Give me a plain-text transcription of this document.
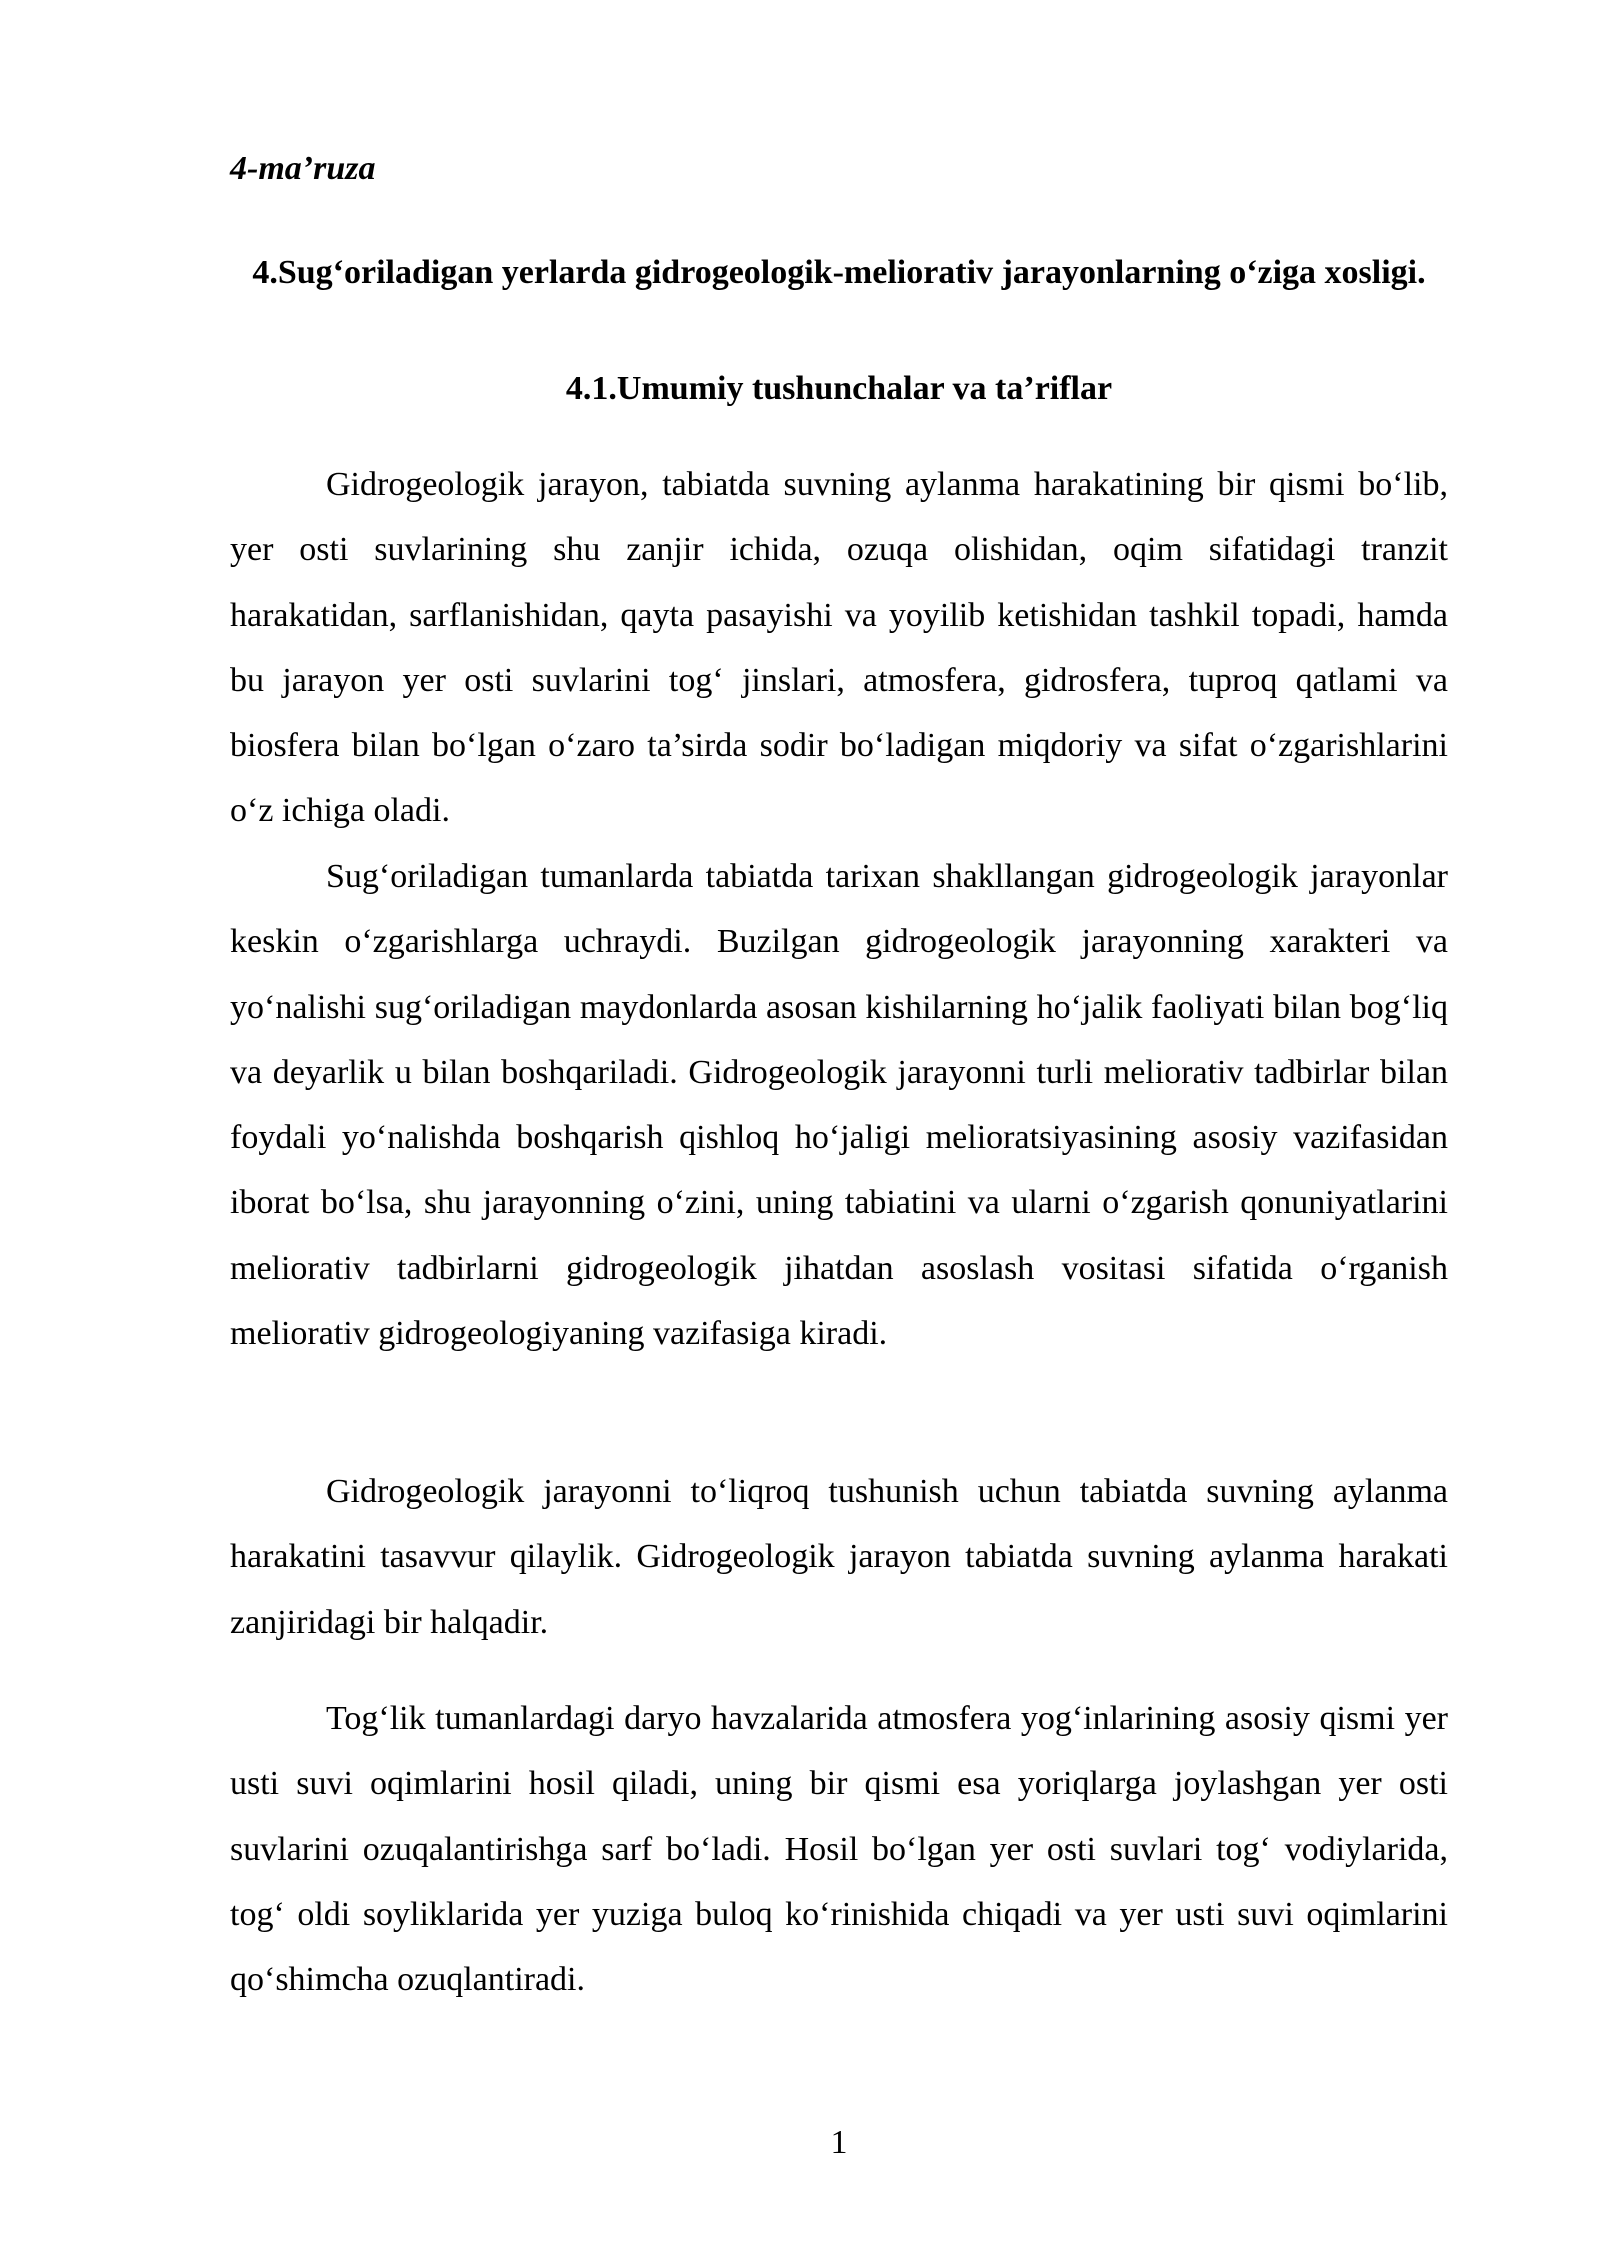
4-ma’ruza
4.Sug‘oriladigan yerlarda gidrogeologik-meliorativ jarayonlarning o‘ziga xosligi.
4.1.Umumiy tushunchalar va ta’riflar

Gidrogeologik jarayon, tabiatda suvning aylanma harakatining bir qismi bo‘lib, yer osti suvlarining shu zanjir ichida, ozuqa olishidan, oqim sifatidagi tranzit harakatidan, sarflanishidan, qayta pasayishi va yoyilib ketishidan tashkil topadi, hamda bu jarayon yer osti suvlarini tog‘ jinslari, atmosfera, gidrosfera, tuproq qatlami va biosfera bilan bo‘lgan o‘zaro ta’sirda sodir bo‘ladigan miqdoriy va sifat o‘zgarishlarini o‘z ichiga oladi.

Sug‘oriladigan tumanlarda tabiatda tarixan shakllangan gidrogeologik jarayonlar keskin o‘zgarishlarga uchraydi. Buzilgan gidrogeologik jarayonning xarakteri va yo‘nalishi sug‘oriladigan maydonlarda asosan kishilarning ho‘jalik faoliyati bilan bog‘liq va deyarlik u bilan boshqariladi. Gidrogeologik jarayonni turli meliorativ tadbirlar bilan foydali yo‘nalishda boshqarish qishloq ho‘jaligi melioratsiyasining asosiy vazifasidan iborat bo‘lsa, shu jarayonning o‘zini, uning tabiatini va ularni o‘zgarish qonuniyatlarini meliorativ tadbirlarni gidrogeologik jihatdan asoslash vositasi sifatida o‘rganish meliorativ gidrogeologiyaning vazifasiga kiradi.

Gidrogeologik jarayonni to‘liqroq tushunish uchun tabiatda suvning aylanma harakatini tasavvur qilaylik. Gidrogeologik jarayon tabiatda suvning aylanma harakati zanjiridagi bir halqadir.

Tog‘lik tumanlardagi daryo havzalarida atmosfera yog‘inlarining asosiy qismi yer usti suvi oqimlarini hosil qiladi, uning bir qismi esa yoriqlarga joylashgan yer osti suvlarini ozuqalantirishga sarf bo‘ladi. Hosil bo‘lgan yer osti suvlari tog‘ vodiylarida, tog‘ oldi soyliklarida yer yuziga buloq ko‘rinishida chiqadi va yer usti suvi oqimlarini qo‘shimcha ozuqlantiradi.

1
